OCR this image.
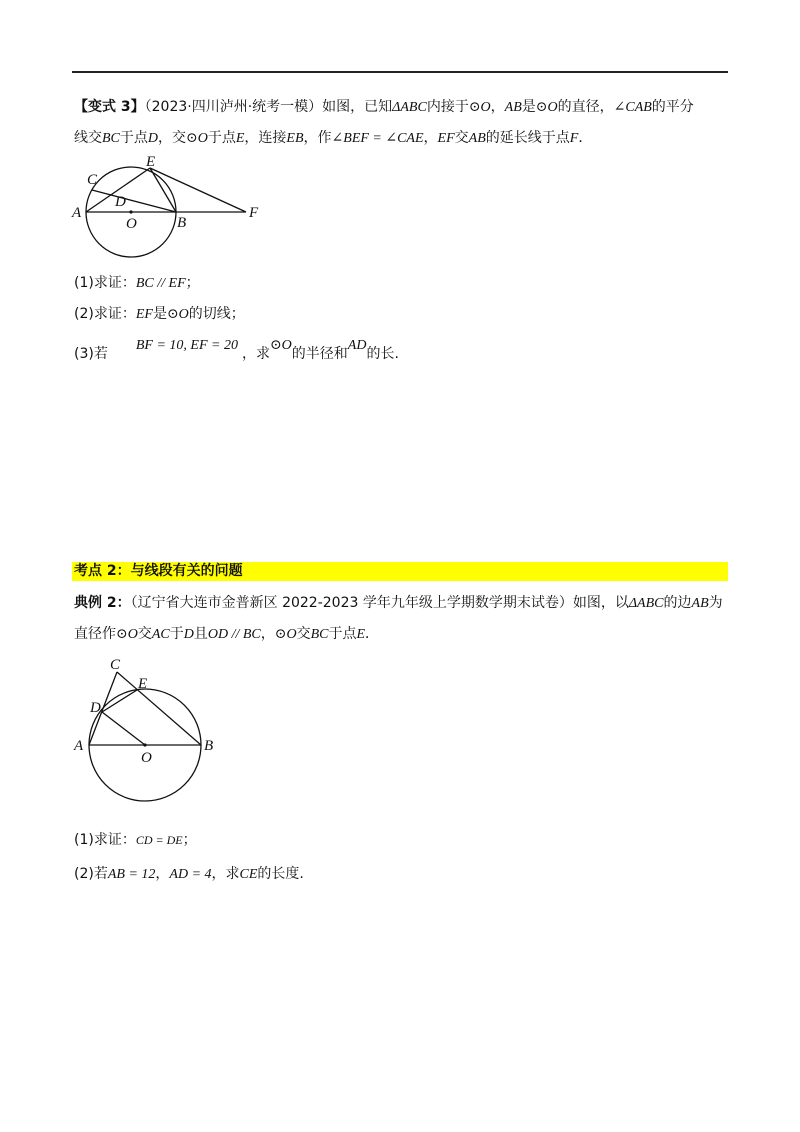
【变式 3】（2023·四川泸州·统考一模）如图，已知ΔABC内接于⊙O，AB是⊙O的直径，∠CAB的平分
线交BC于点D，交⊙O于点E，连接EB，作∠BEF = ∠CAE，EF交AB的延长线于点F．
C
E
D
A
O	B
F
(1)求证：BC // EF；
(2)求证：EF是⊙O的切线；
(3)若BF = 10, EF = 20，求⊙O的半径和AD的长.
考点 2：与线段有关的问题
典例 2：（辽宁省大连市金普新区 2022-2023 学年九年级上学期数学期末试卷）如图，以ΔABC的边AB为
直径作⊙O交AC于D且OD // BC，⊙O交BC于点E．
C
E
D
A
O
B
(1)求证：CD = DE；
(2)若AB = 12，AD = 4，求CE的长度.
